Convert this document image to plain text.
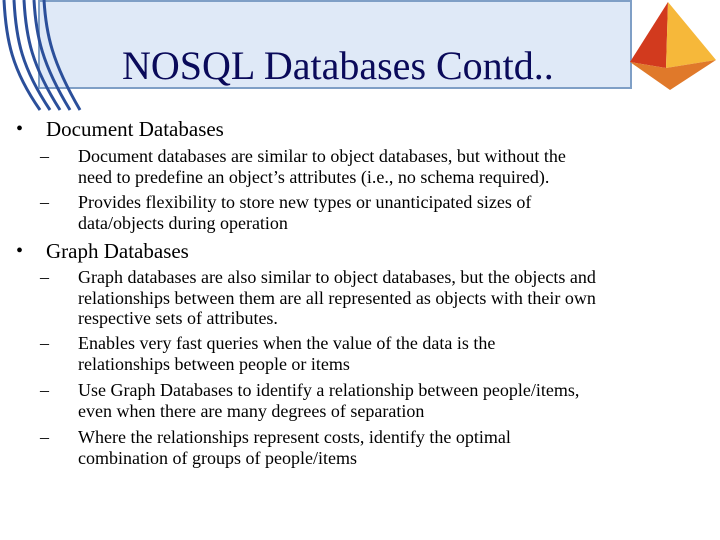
NOSQL Databases Contd..
• Document Databases
– Document databases are similar to object databases, but without the
need to predefine an object’s attributes (i.e., no schema required).
– Provides flexibility to store new types or unanticipated sizes of
data/objects during operation
• Graph Databases
– Graph databases are also similar to object databases, but the objects and
relationships between them are all represented as objects with their own
respective sets of attributes.
– Enables very fast queries when the value of the data is the
relationships between people or items
– Use Graph Databases to identify a relationship between people/items,
even when there are many degrees of separation
– Where the relationships represent costs, identify the optimal
combination of groups of people/items
